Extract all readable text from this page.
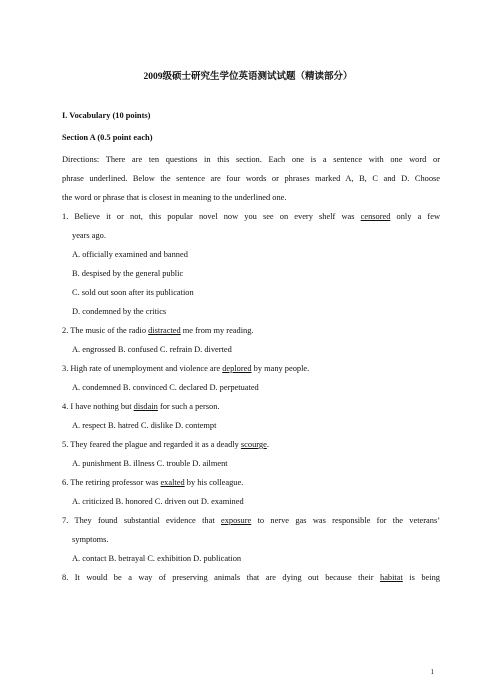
2009级硕士研究生学位英语测试试题（精读部分）
I. Vocabulary (10 points)
Section A (0.5 point each)
Directions: There are ten questions in this section. Each one is a sentence with one word or
phrase underlined. Below the sentence are four words or phrases marked A, B, C and D. Choose
the word or phrase that is closest in meaning to the underlined one.
1. Believe it or not, this popular novel now you see on every shelf was censored only a few
years ago.
A. officially examined and banned
B. despised by the general public
C. sold out soon after its publication
D. condemned by the critics
2. The music of the radio distracted me from my reading.
A. engrossed B. confused C. refrain D. diverted
3. High rate of unemployment and violence are deplored by many people.
A. condemned B. convinced C. declared D. perpetuated
4. I have nothing but disdain for such a person.
A. respect B. hatred C. dislike D. contempt
5. They feared the plague and regarded it as a deadly scourge.
A. punishment B. illness C. trouble D. ailment
6. The retiring professor was exalted by his colleague.
A. criticized B. honored C. driven out D. examined
7. They found substantial evidence that exposure to nerve gas was responsible for the veterans’
symptoms.
A. contact B. betrayal C. exhibition D. publication
8. It would be a way of preserving animals that are dying out because their habitat is being
1
